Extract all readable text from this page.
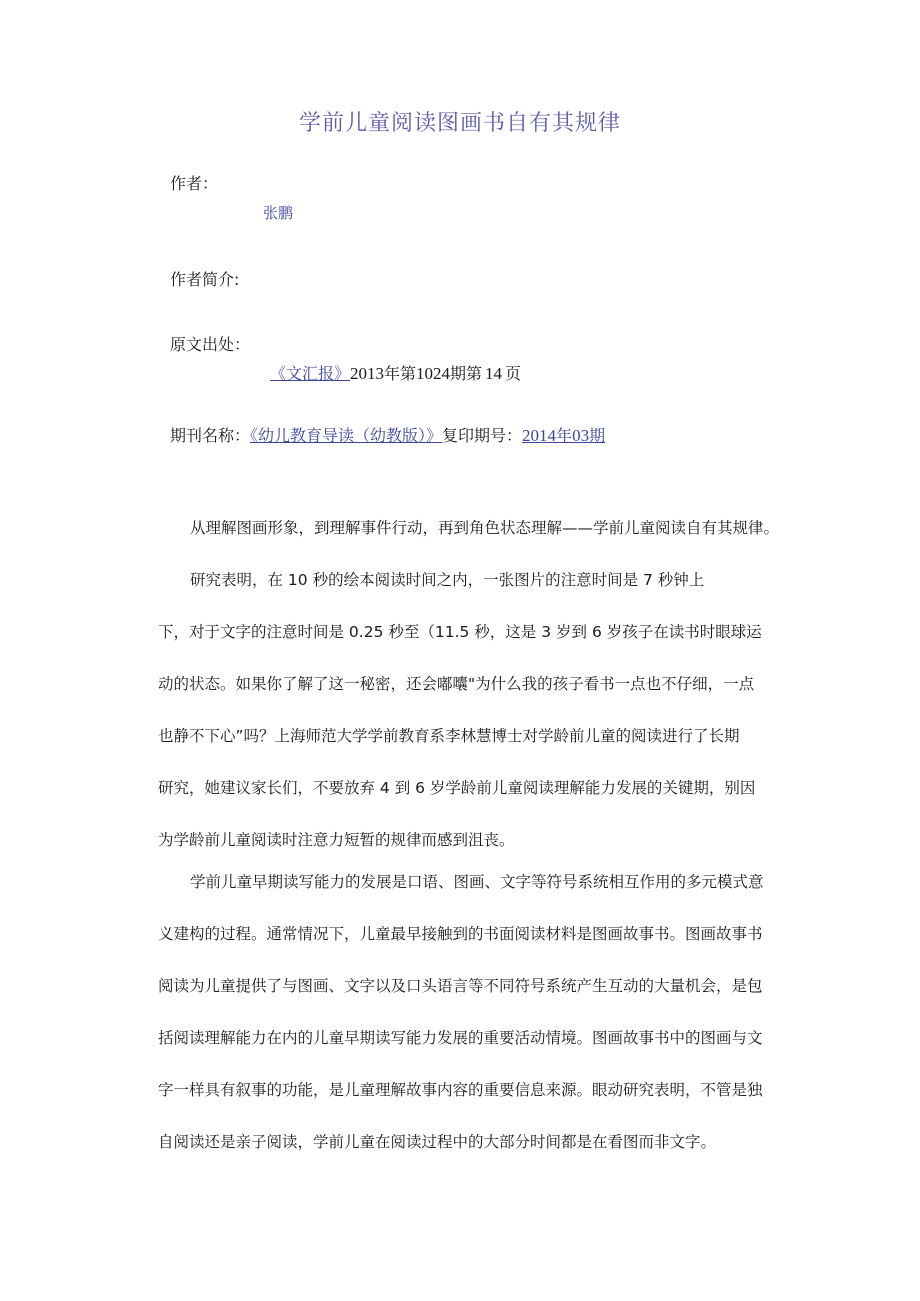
学前儿童阅读图画书自有其规律
作者：
张鹏
作者简介:
原文出处：
《文汇报》2013年第1024期第 14 页
期刊名称：《幼儿教育导读（幼教版）》复印期号：2014年03期
从理解图画形象，到理解事件行动，再到角色状态理解——学前儿童阅读自有其规律。
研究表明，在 10 秒的绘本阅读时间之内，一张图片的注意时间是 7 秒钟上
下，对于文字的注意时间是 0.25 秒至（11.5 秒，这是 3 岁到 6 岁孩子在读书时眼球运
动的状态。如果你了解了这一秘密，还会嘟囔"为什么我的孩子看书一点也不仔细，一点
也静不下心”吗？上海师范大学学前教育系李林慧博士对学龄前儿童的阅读进行了长期
研究，她建议家长们，不要放弃 4 到 6 岁学龄前儿童阅读理解能力发展的关键期，别因
为学龄前儿童阅读时注意力短暂的规律而感到沮丧。
学前儿童早期读写能力的发展是口语、图画、文字等符号系统相互作用的多元模式意
义建构的过程。通常情况下，儿童最早接触到的书面阅读材料是图画故事书。图画故事书
阅读为儿童提供了与图画、文字以及口头语言等不同符号系统产生互动的大量机会，是包
括阅读理解能力在内的儿童早期读写能力发展的重要活动情境。图画故事书中的图画与文
字一样具有叙事的功能，是儿童理解故事内容的重要信息来源。眼动研究表明，不管是独
自阅读还是亲子阅读，学前儿童在阅读过程中的大部分时间都是在看图而非文字。
